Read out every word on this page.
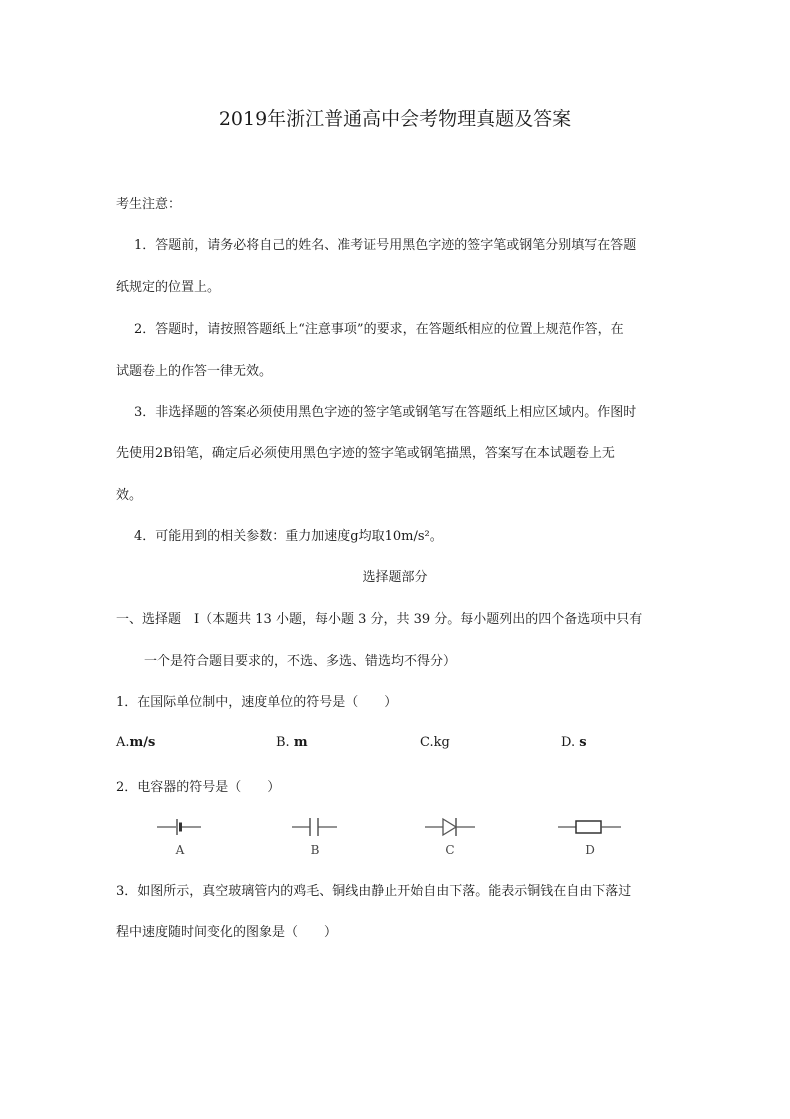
2019年浙江普通高中会考物理真题及答案
考生注意：
1．答题前，请务必将自己的姓名、准考证号用黑色字迹的签字笔或钢笔分别填写在答题
纸规定的位置上。
2．答题时，请按照答题纸上“注意事项”的要求，在答题纸相应的位置上规范作答，在
试题卷上的作答一律无效。
3．非选择题的答案必须使用黑色字迹的签字笔或钢笔写在答题纸上相应区域内。作图时
先使用2B铅笔，确定后必须使用黑色字迹的签字笔或钢笔描黑，答案写在本试题卷上无
效。
4．可能用到的相关参数：重力加速度g均取10m/s²。
选择题部分
一、选择题　I（本题共 13 小题，每小题 3 分，共 39 分。每小题列出的四个备选项中只有
一个是符合题目要求的，不选、多选、错选均不得分）
1．在国际单位制中，速度单位的符号是（　　）
A.m/s	B. m	C.kg	D. s
2．电容器的符号是（　　）
A	B	C	D
3．如图所示，真空玻璃管内的鸡毛、铜线由静止开始自由下落。能表示铜钱在自由下落过
程中速度随时间变化的图象是（　　）
